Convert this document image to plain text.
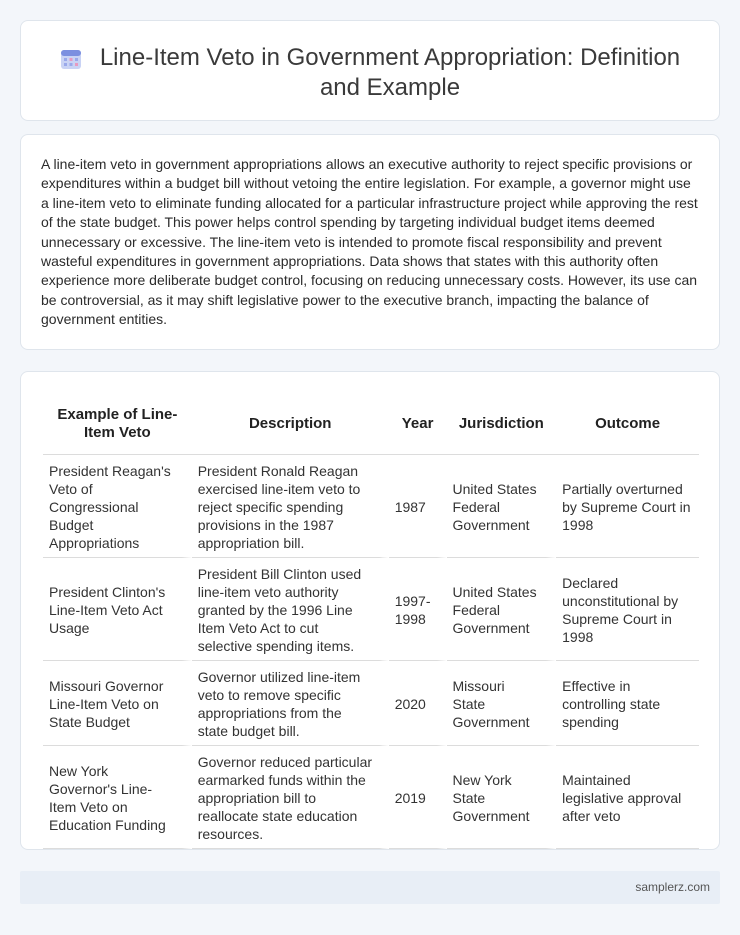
Line-Item Veto in Government Appropriation: Definition and Example

A line-item veto in government appropriations allows an executive authority to reject specific provisions or expenditures within a budget bill without vetoing the entire legislation. For example, a governor might use a line-item veto to eliminate funding allocated for a particular infrastructure project while approving the rest of the state budget. This power helps control spending by targeting individual budget items deemed unnecessary or excessive. The line-item veto is intended to promote fiscal responsibility and prevent wasteful expenditures in government appropriations. Data shows that states with this authority often experience more deliberate budget control, focusing on reducing unnecessary costs. However, its use can be controversial, as it may shift legislative power to the executive branch, impacting the balance of government entities.

Example of Line-Item Veto	Description	Year	Jurisdiction	Outcome
President Reagan's Veto of Congressional Budget Appropriations	President Ronald Reagan exercised line-item veto to reject specific spending provisions in the 1987 appropriation bill.	1987	United States Federal Government	Partially overturned by Supreme Court in 1998
President Clinton's Line-Item Veto Act Usage	President Bill Clinton used line-item veto authority granted by the 1996 Line Item Veto Act to cut selective spending items.	1997-1998	United States Federal Government	Declared unconstitutional by Supreme Court in 1998
Missouri Governor Line-Item Veto on State Budget	Governor utilized line-item veto to remove specific appropriations from the state budget bill.	2020	Missouri State Government	Effective in controlling state spending
New York Governor's Line-Item Veto on Education Funding	Governor reduced particular earmarked funds within the appropriation bill to reallocate state education resources.	2019	New York State Government	Maintained legislative approval after veto
samplerz.com
